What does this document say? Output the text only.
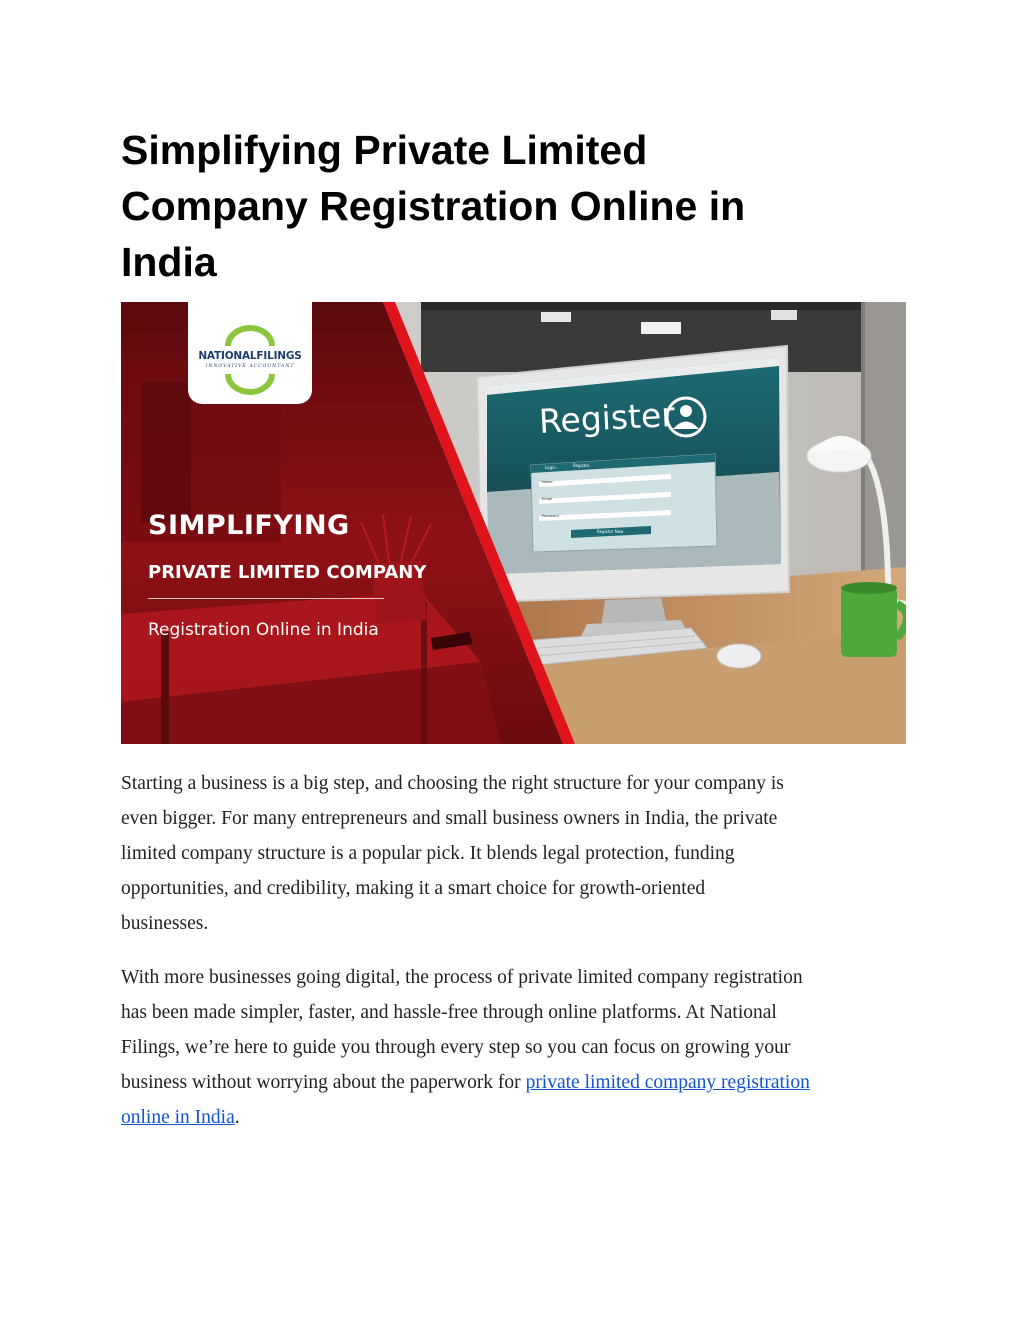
Simplifying Private Limited
Company Registration Online in
India
NATIONALFILINGS
INNOVATIVE ACCOUNTANT
Register
Login	Register
Name
Email
Password
Register Now
SIMPLIFYING
PRIVATE LIMITED COMPANY
Registration Online in India

Starting a business is a big step, and choosing the right structure for your company is
even bigger. For many entrepreneurs and small business owners in India, the private
limited company structure is a popular pick. It blends legal protection, funding
opportunities, and credibility, making it a smart choice for growth-oriented
businesses.

With more businesses going digital, the process of private limited company registration
has been made simpler, faster, and hassle-free through online platforms. At National
Filings, we’re here to guide you through every step so you can focus on growing your
business without worrying about the paperwork for private limited company registration
online in India.
